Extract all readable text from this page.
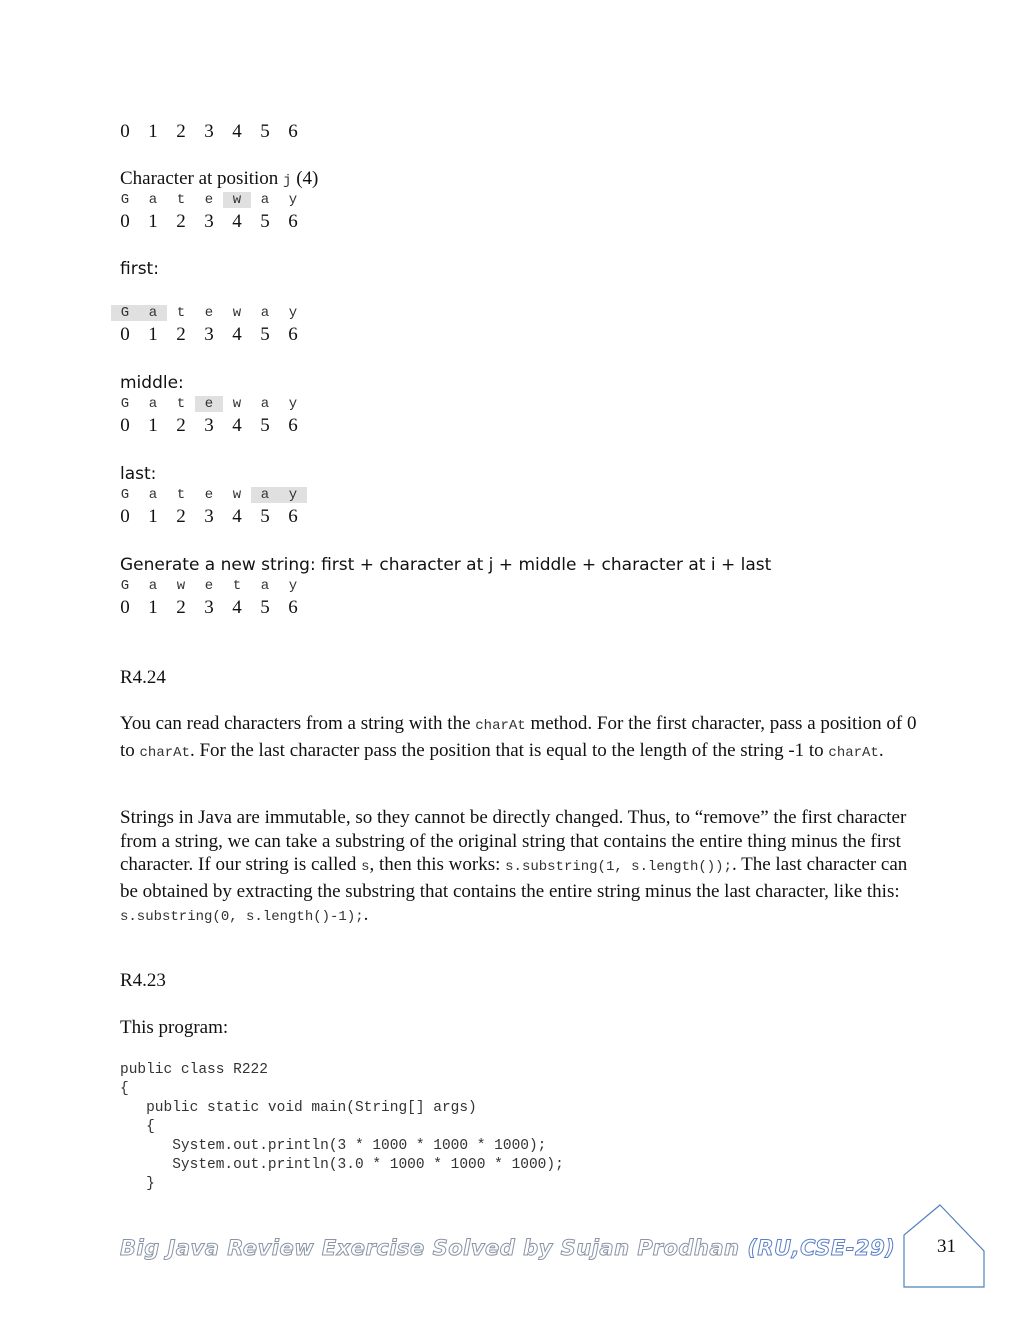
0 1 2 3 4 5 6
Character at position j (4)
G	a	t	e	w	a	y
0 1 2 3 4 5 6
first:
G	a	t	e	w	a	y
0 1 2 3 4 5 6
middle:
G	a	t	e	w	a	y
0 1 2 3 4 5 6
last:
G	a	t	e	w	a	y
0 1 2 3 4 5 6
Generate a new string: first + character at j + middle + character at i + last
G	a	w	e	t	a	y
0 1 2 3 4 5 6
R4.24
You can read characters from a string with the charAt method. For the first character, pass a position of 0 to charAt. For the last character pass the position that is equal to the length of the string -1 to charAt.
Strings in Java are immutable, so they cannot be directly changed. Thus, to “remove” the first character from a string, we can take a substring of the original string that contains the entire thing minus the first character. If our string is called s, then this works: s.substring(1, s.length());. The last character can be obtained by extracting the substring that contains the entire string minus the last character, like this: s.substring(0, s.length()-1);.
R4.23
This program:
public class R222
{
public static void main(String[] args)
{
System.out.println(3 * 1000 * 1000 * 1000);
System.out.println(3.0 * 1000 * 1000 * 1000);
}
Big Java Review Exercise Solved by Sujan Prodhan (RU,CSE-29) 31
